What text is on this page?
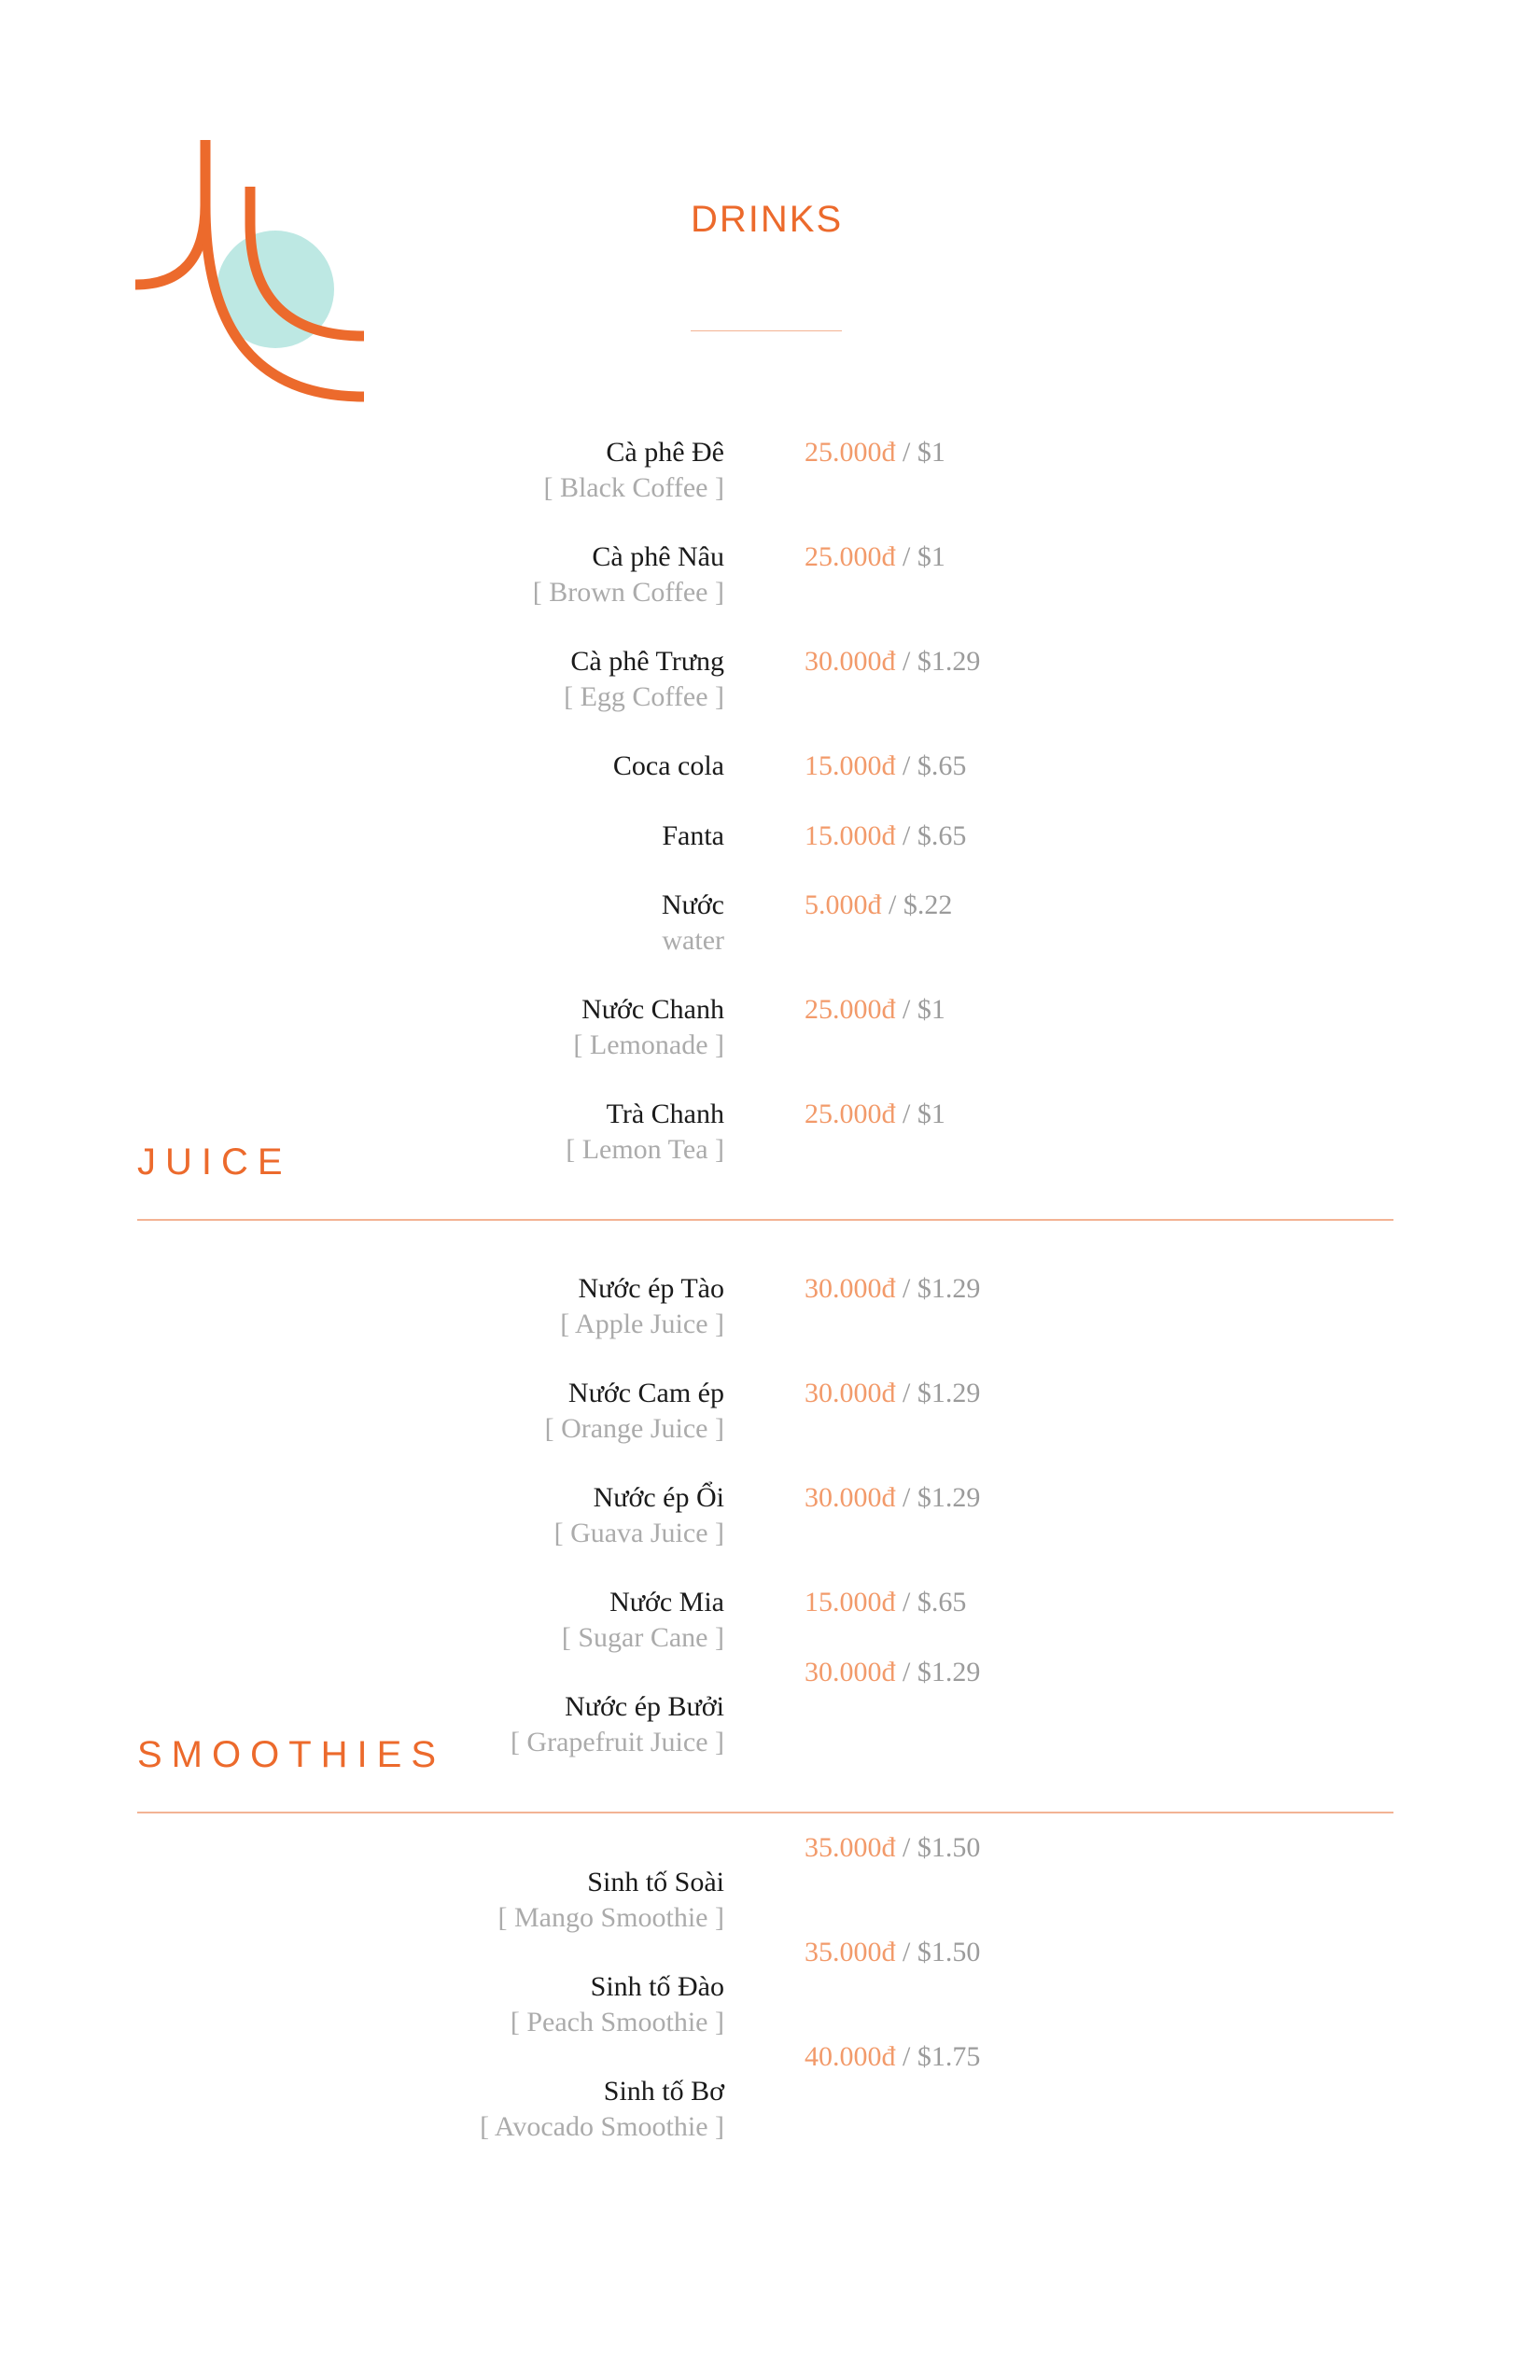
DRINKS
Cà phê Đê
[ Black Coffee ]
25.000đ / $1
Cà phê Nâu
[ Brown Coffee ]
25.000đ / $1
Cà phê Trưng
[ Egg Coffee ]
30.000đ / $1.29
Coca cola	15.000đ / $.65
Fanta	15.000đ / $.65
Nước
water
5.000đ / $.22
Nước Chanh
[ Lemonade ]
25.000đ / $1
Trà Chanh
[ Lemon Tea ]
25.000đ / $1
JUICE
Nước ép Tào
[ Apple Juice ]
30.000đ / $1.29
Nước Cam ép
[ Orange Juice ]
30.000đ / $1.29
Nước ép Ổi
[ Guava Juice ]
30.000đ / $1.29
Nước Mia
[ Sugar Cane ]
15.000đ / $.65
Nước ép Bưởi
[ Grapefruit Juice ]
30.000đ / $1.29
SMOOTHIES
Sinh tố Soài
[ Mango Smoothie ]
35.000đ / $1.50
Sinh tố Đào
[ Peach Smoothie ]
35.000đ / $1.50
Sinh tố Bơ
[ Avocado Smoothie ]
40.000đ / $1.75
